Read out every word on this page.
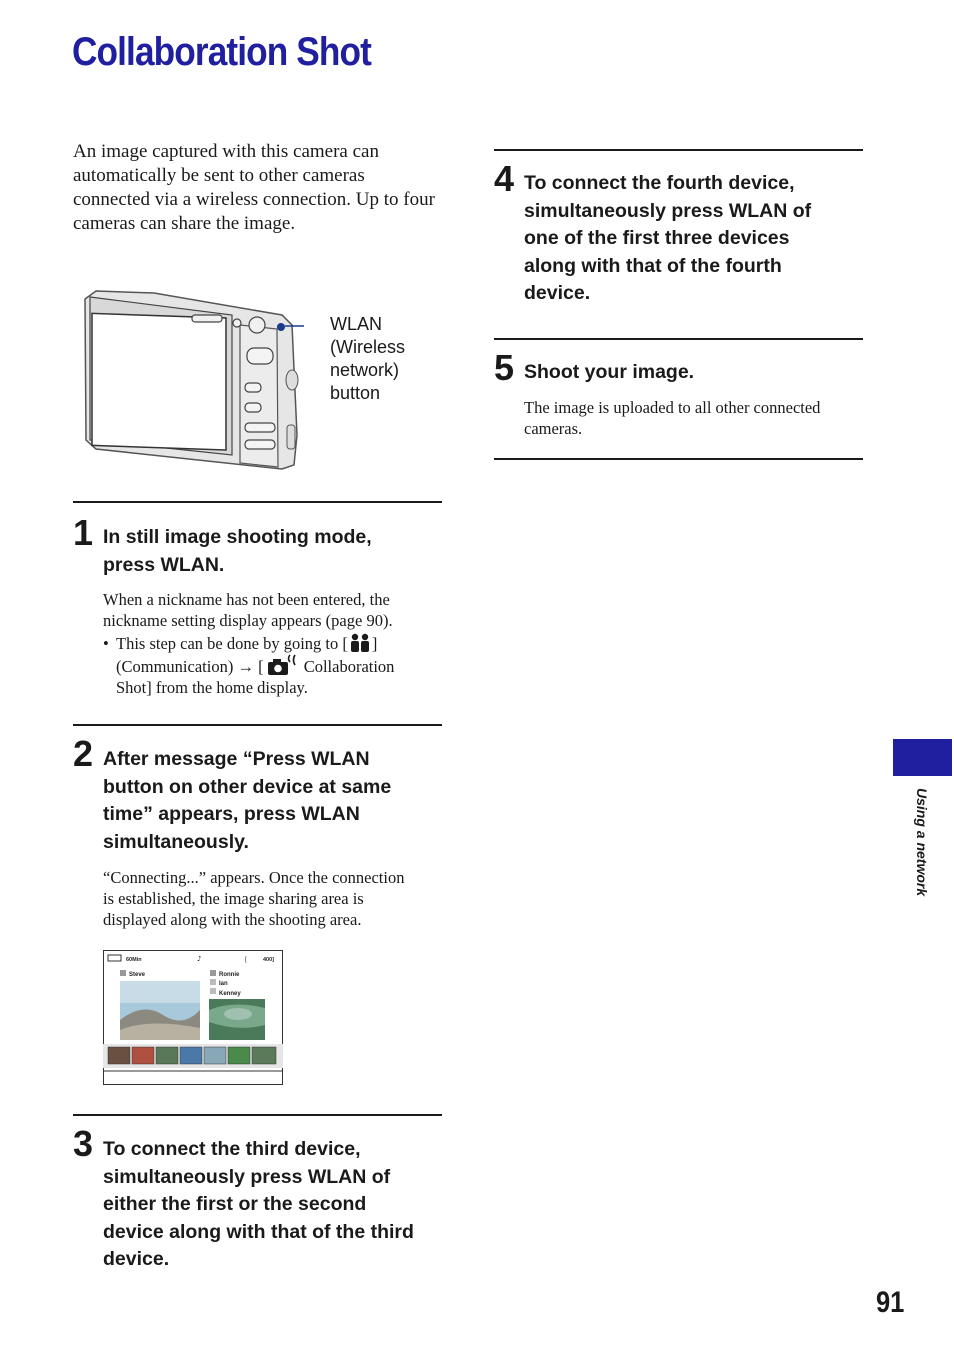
Collaboration Shot

An image captured with this camera can automatically be sent to other cameras connected via a wireless connection. Up to four cameras can share the image.

WLAN
(Wireless
network)
button
1 In still image shooting mode,
press WLAN.
When a nickname has not been entered, the
nickname setting display appears (page 90).
• This step can be done by going to [ ]
(Communication) → [ Collaboration
Shot] from the home display.
2 After message “Press WLAN
button on other device at same
time” appears, press WLAN
simultaneously.
“Connecting...” appears. Once the connection
is established, the image sharing area is
displayed along with the shooting area.
60Min	♪	[	400]
Steve	Ronnie
Ian
Kenney
3 To connect the third device,
simultaneously press WLAN of
either the first or the second
device along with that of the third
device.
4 To connect the fourth device,
simultaneously press WLAN of
one of the first three devices
along with that of the fourth
device.
5 Shoot your image.
The image is uploaded to all other connected
cameras.

Using a network

91
